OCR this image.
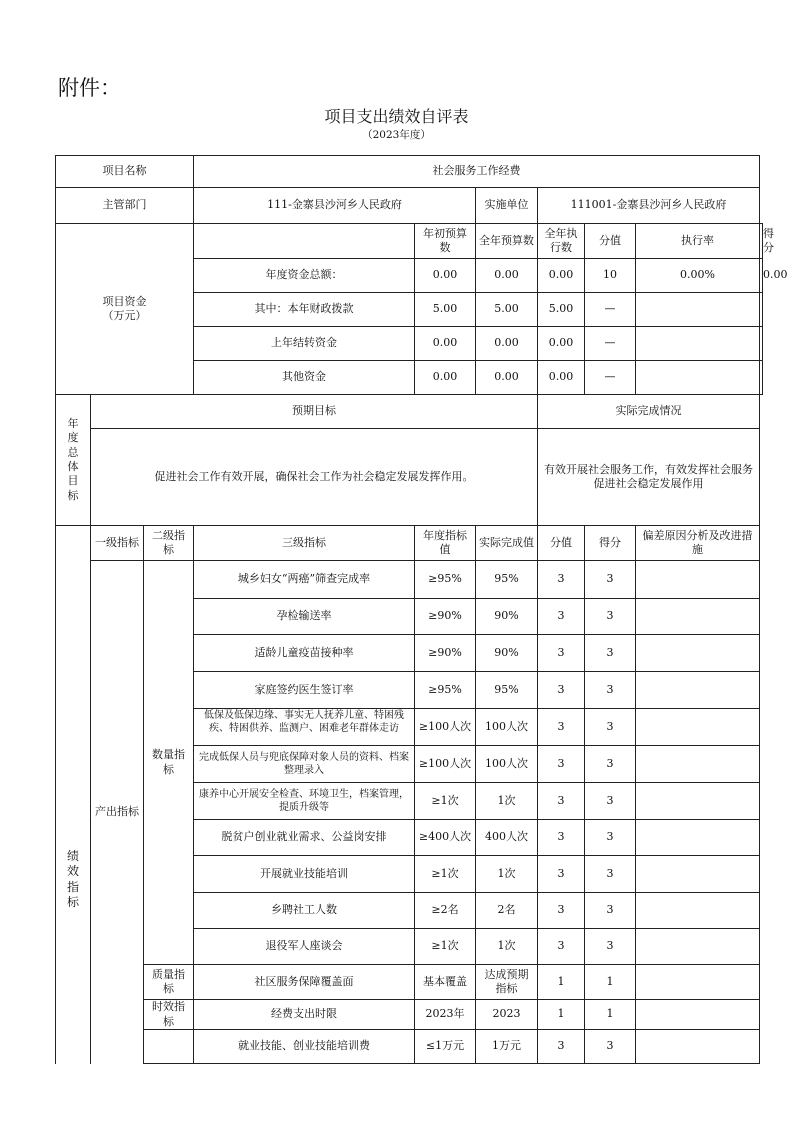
附件：
项目支出绩效自评表
（2023年度）
项目名称			社会服务工作经费						
主管部门			111-金寨县沙河乡人民政府		实施单位	111001-金寨县沙河乡人民政府			
项目资金
（万元）				年初预算数	全年预算数	全年执行数	分值	执行率	得分
			年度资金总额：	0.00	0.00	0.00	10	0.00%	0.00
			其中：本年财政拨款	5.00	5.00	5.00	—		
			上年结转资金	0.00	0.00	0.00	—		
			其他资金	0.00	0.00	0.00	—		
年度总体目标	预期目标					实际完成情况			
	促进社会工作有效开展，确保社会工作为社会稳定发展发挥作用。					有效开展社会服务工作，有效发挥社会服务促进社会稳定发展作用			
绩效指标	一级指标	二级指标	三级指标	年度指标值	实际完成值	分值	得分	偏差原因分析及改进措施	
	产出指标	数量指标	城乡妇女“两癌”筛查完成率	≥95%	95%	3	3		
			孕检输送率	≥90%	90%	3	3		
			适龄儿童疫苗接种率	≥90%	90%	3	3		
			家庭签约医生签订率	≥95%	95%	3	3		

			低保及低保边缘、事实无人抚养儿童、特困残疾、特困供养、监测户、困难老年群体走访	≥100人次	100人次	3	3		
			完成低保人员与兜底保障对象人员的资料、档案整理录入	≥100人次	100人次	3	3		
			康养中心开展安全检查、环境卫生，档案管理，提质升级等	≥1次	1次	3	3		
			脱贫户创业就业需求、公益岗安排	≥400人次	400人次	3	3		
			开展就业技能培训	≥1次	1次	3	3		
			乡聘社工人数	≥2名	2名	3	3		
			退役军人座谈会	≥1次	1次	3	3		
		质量指标	社区服务保障覆盖面	基本覆盖	达成预期指标	1	1		
		时效指标	经费支出时限	2023年	2023	1	1		
			就业技能、创业技能培训费	≤1万元	1万元	3	3		
